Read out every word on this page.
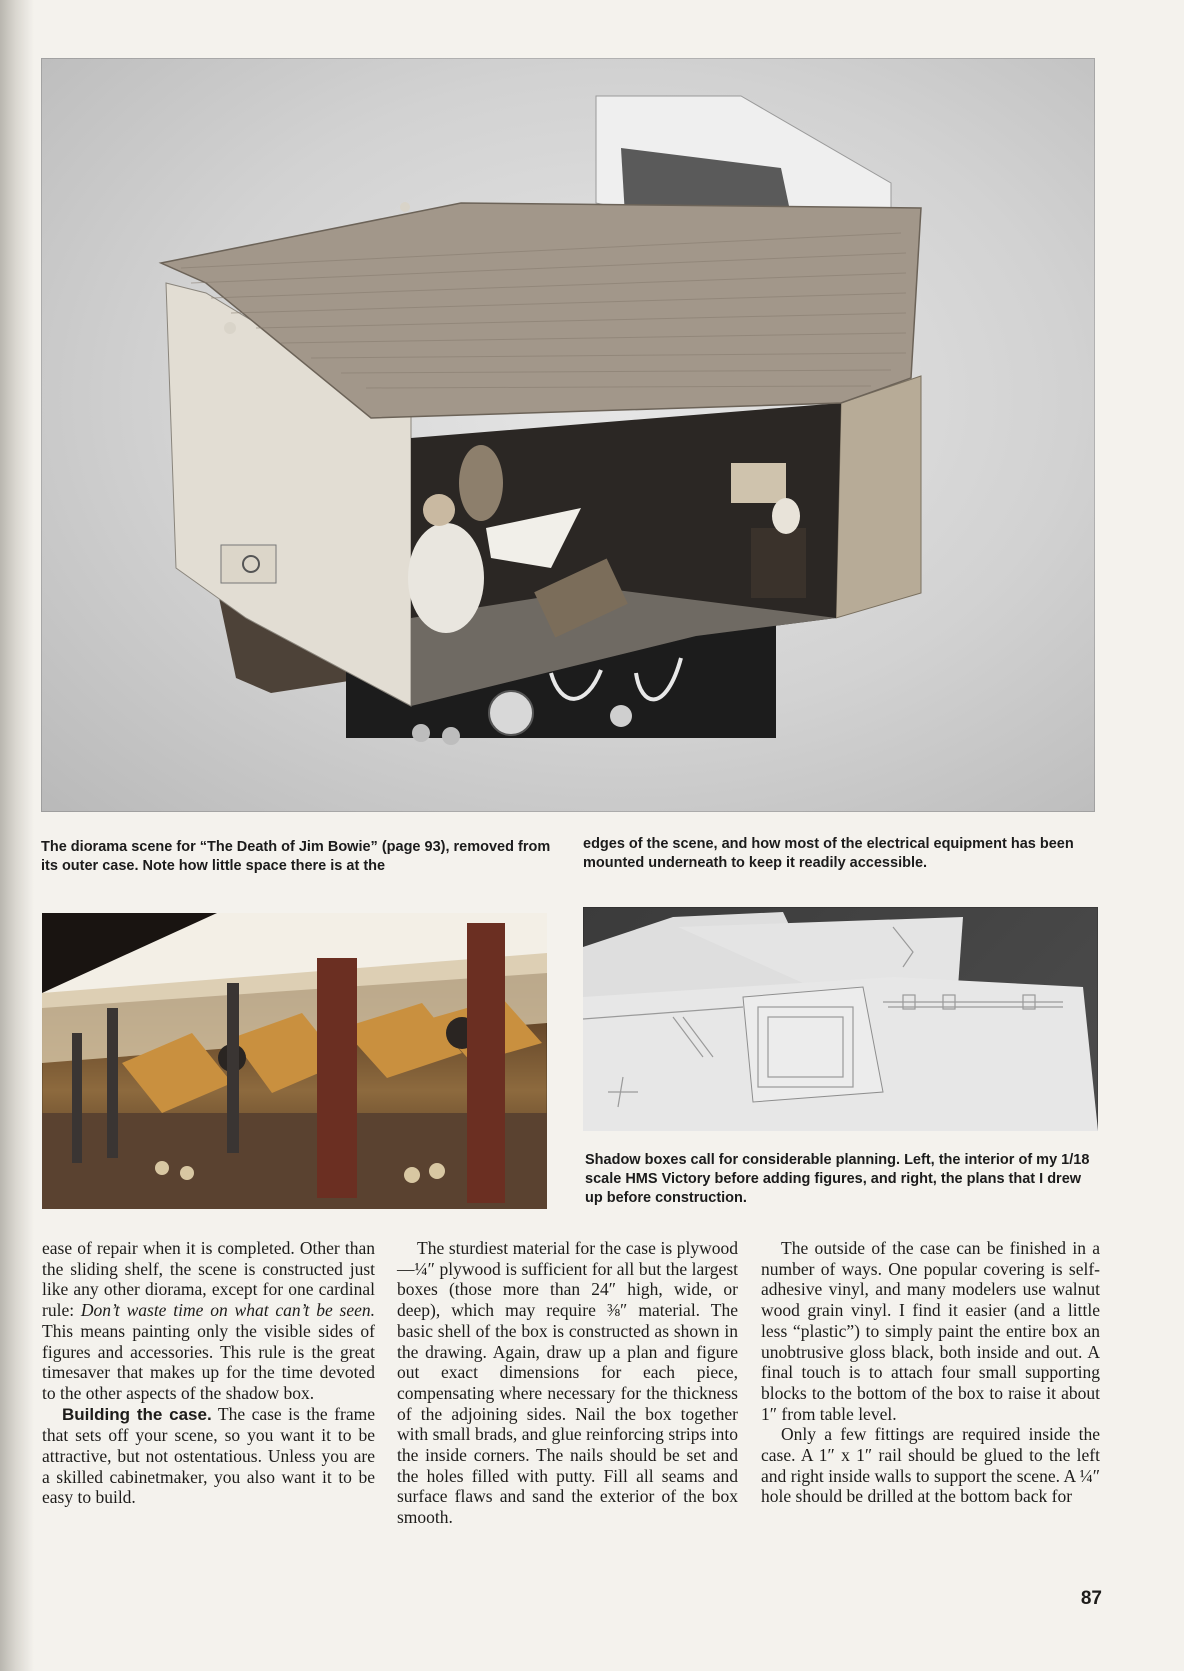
The diorama scene for “The Death of Jim Bowie” (page 93), removed from its outer case. Note how little space there is at the

edges of the scene, and how most of the electrical equipment has been mounted underneath to keep it readily accessible.

Shadow boxes call for considerable planning. Left, the interior of my 1/18 scale HMS Victory before adding figures, and right, the plans that I drew up before construction.

ease of repair when it is completed. Other than the sliding shelf, the scene is constructed just like any other diorama, except for one cardinal rule: Don’t waste time on what can’t be seen. This means painting only the visible sides of figures and accessories. This rule is the great timesaver that makes up for the time devoted to the other aspects of the shadow box.

Building the case. The case is the frame that sets off your scene, so you want it to be attractive, but not ostentatious. Unless you are a skilled cabinetmaker, you also want it to be easy to build.

The sturdiest material for the case is plywood—¼″ plywood is sufficient for all but the largest boxes (those more than 24″ high, wide, or deep), which may require ⅜″ material. The basic shell of the box is constructed as shown in the drawing. Again, draw up a plan and figure out exact dimensions for each piece, compensating where necessary for the thickness of the adjoining sides. Nail the box together with small brads, and glue reinforcing strips into the inside corners. The nails should be set and the holes filled with putty. Fill all seams and surface flaws and sand the exterior of the box smooth.

The outside of the case can be finished in a number of ways. One popular covering is self-adhesive vinyl, and many modelers use walnut wood grain vinyl. I find it easier (and a little less “plastic”) to simply paint the entire box an unobtrusive gloss black, both inside and out. A final touch is to attach four small supporting blocks to the bottom of the box to raise it about 1″ from table level.

Only a few fittings are required inside the case. A 1″ x 1″ rail should be glued to the left and right inside walls to support the scene. A ¼″ hole should be drilled at the bottom back for

87
